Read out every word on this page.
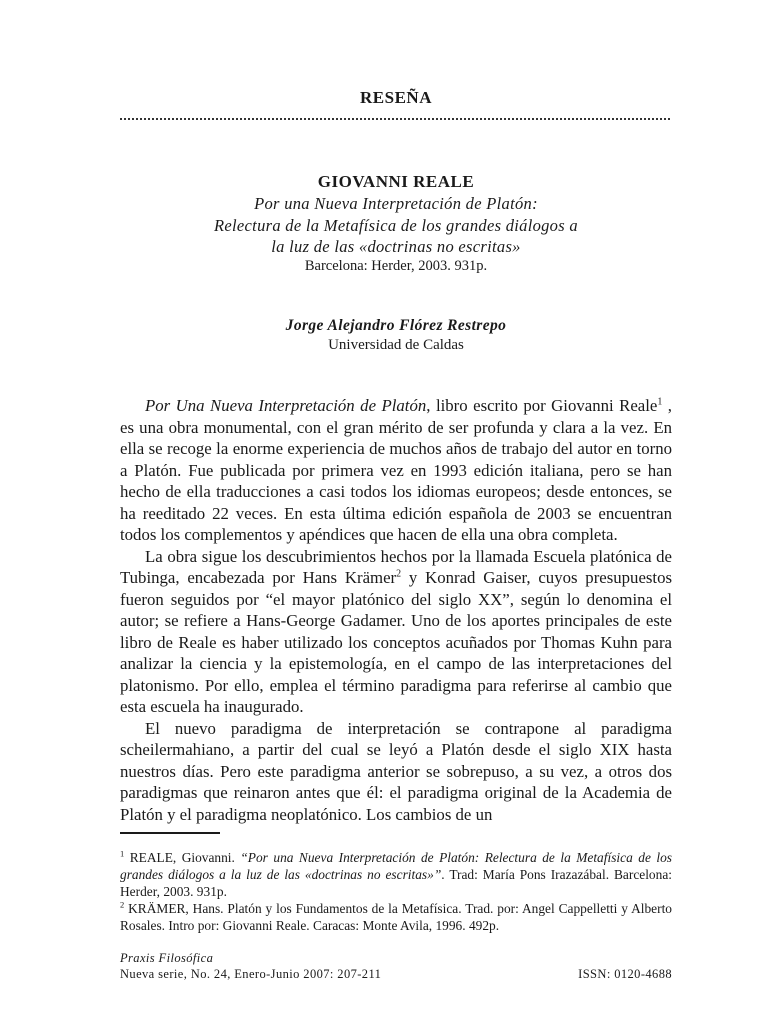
RESEÑA
GIOVANNI REALE
Por una Nueva Interpretación de Platón:
Relectura de la Metafísica de los grandes diálogos a
la luz de las «doctrinas no escritas»
Barcelona: Herder, 2003. 931p.
Jorge Alejandro Flórez Restrepo
Universidad de Caldas

Por Una Nueva Interpretación de Platón, libro escrito por Giovanni Reale$^1$ , es una obra monumental, con el gran mérito de ser profunda y clara a la vez. En ella se recoge la enorme experiencia de muchos años de trabajo del autor en torno a Platón. Fue publicada por primera vez en 1993 edición italiana, pero se han hecho de ella traducciones a casi todos los idiomas europeos; desde entonces, se ha reeditado 22 veces. En esta última edición española de 2003 se encuentran todos los complementos y apéndices que hacen de ella una obra completa.

La obra sigue los descubrimientos hechos por la llamada Escuela platónica de Tubinga, encabezada por Hans Krämer$^2$ y Konrad Gaiser, cuyos presupuestos fueron seguidos por “el mayor platónico del siglo XX”, según lo denomina el autor; se refiere a Hans-George Gadamer. Uno de los aportes principales de este libro de Reale es haber utilizado los conceptos acuñados por Thomas Kuhn para analizar la ciencia y la epistemología, en el campo de las interpretaciones del platonismo. Por ello, emplea el término paradigma para referirse al cambio que esta escuela ha inaugurado.

El nuevo paradigma de interpretación se contrapone al paradigma scheilermahiano, a partir del cual se leyó a Platón desde el siglo XIX hasta nuestros días. Pero este paradigma anterior se sobrepuso, a su vez, a otros dos paradigmas que reinaron antes que él: el paradigma original de la Academia de Platón y el paradigma neoplatónico. Los cambios de un

$^1$ REALE, Giovanni. “Por una Nueva Interpretación de Platón: Relectura de la Metafísica de los grandes diálogos a la luz de las «doctrinas no escritas»”. Trad: María Pons Irazazábal. Barcelona: Herder, 2003. 931p.

$^2$ KRÄMER, Hans. Platón y los Fundamentos de la Metafísica. Trad. por: Angel Cappelletti y Alberto Rosales. Intro por: Giovanni Reale. Caracas: Monte Avila, 1996. 492p.

Praxis Filosófica
Nueva serie, No. 24, Enero-Junio 2007: 207-211	ISSN: 0120-4688
